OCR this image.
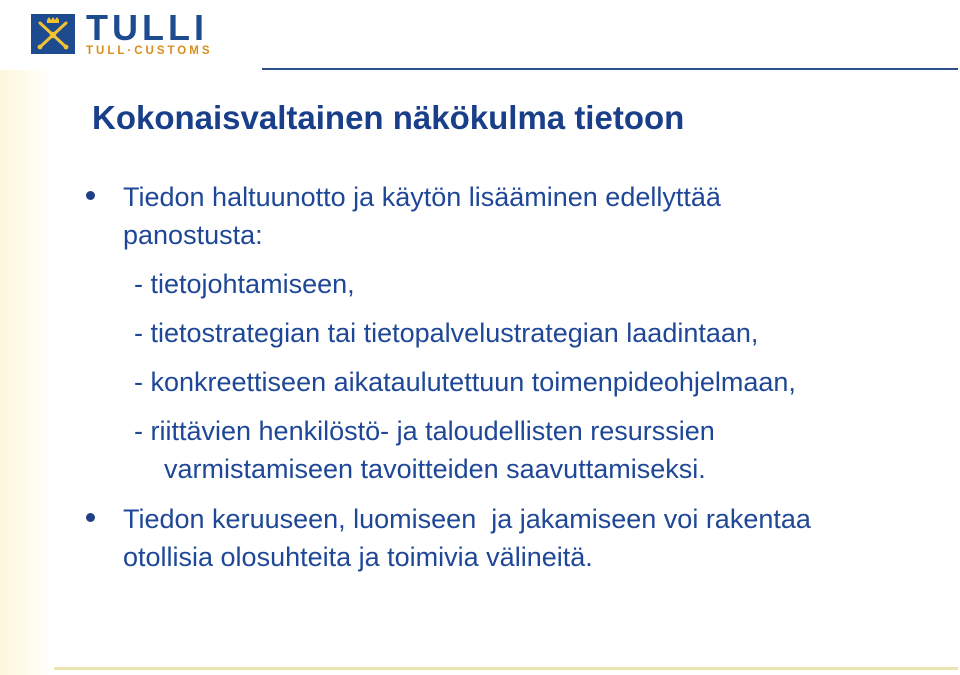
TULLI
TULL·CUSTOMS
Kokonaisvaltainen näkökulma tietoon
Tiedon haltuunotto ja käytön lisääminen edellyttää
panostusta:
- tietojohtamiseen,
- tietostrategian tai tietopalvelustrategian laadintaan,
- konkreettiseen aikataulutettuun toimenpideohjelmaan,
- riittävien henkilöstö- ja taloudellisten resurssien
varmistamiseen tavoitteiden saavuttamiseksi.
Tiedon keruuseen, luomiseen  ja jakamiseen voi rakentaa
otollisia olosuhteita ja toimivia välineitä.
